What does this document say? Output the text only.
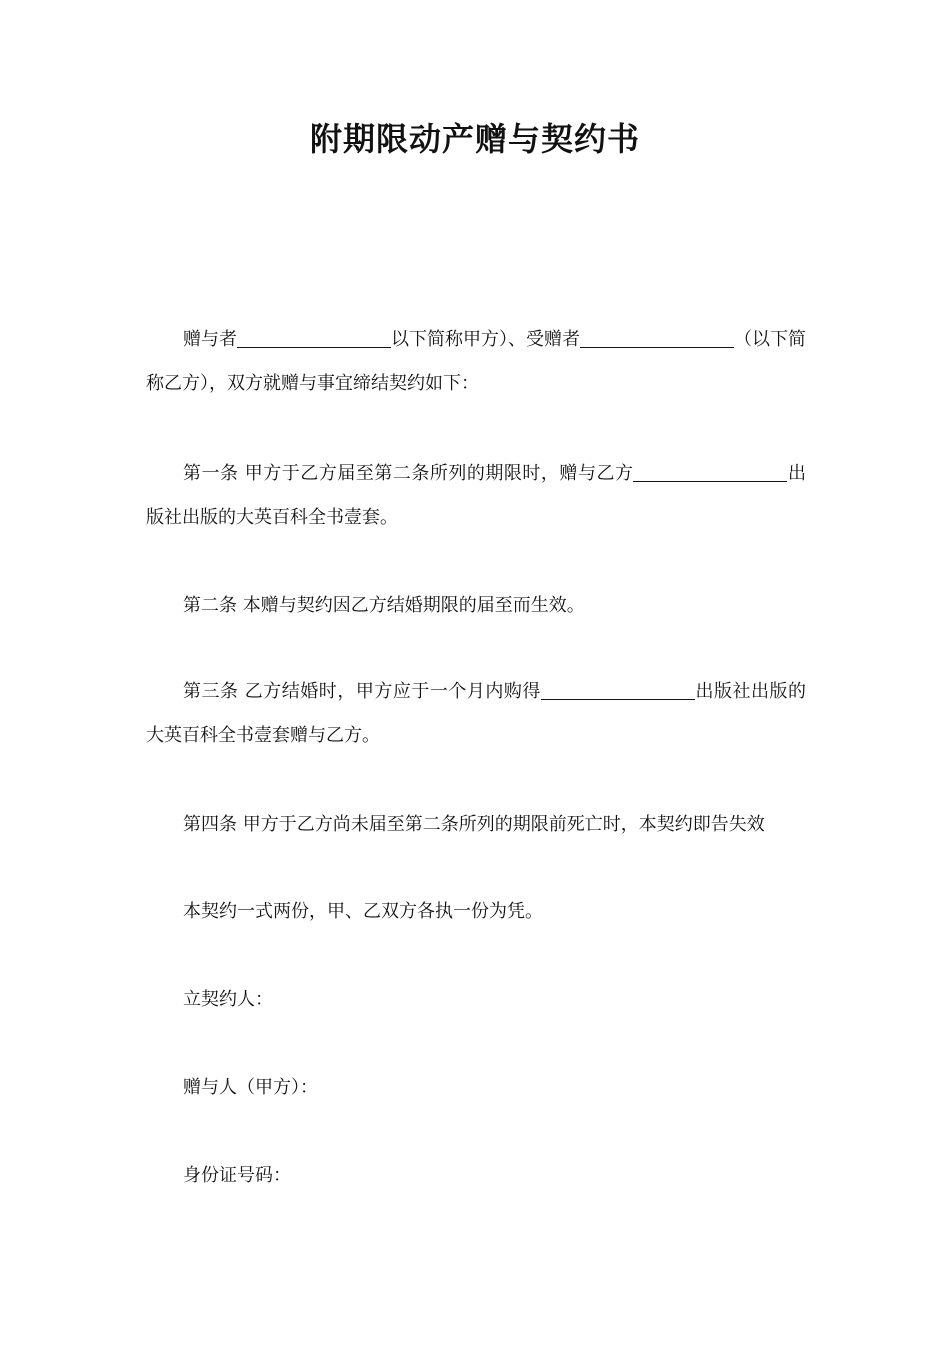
附期限动产赠与契约书
赠与者	以下简称甲方）、受赠者	（以下简称乙方），双方就赠与事宜缔结契约如下：
第一条 甲方于乙方届至第二条所列的期限时，赠与乙方	出版社出版的大英百科全书壹套。
第二条 本赠与契约因乙方结婚期限的届至而生效。
第三条 乙方结婚时，甲方应于一个月内购得	出版社出版的大英百科全书壹套赠与乙方。
第四条 甲方于乙方尚未届至第二条所列的期限前死亡时，本契约即告失效
本契约一式两份，甲、乙双方各执一份为凭。
立契约人：
赠与人（甲方）：
身份证号码：
